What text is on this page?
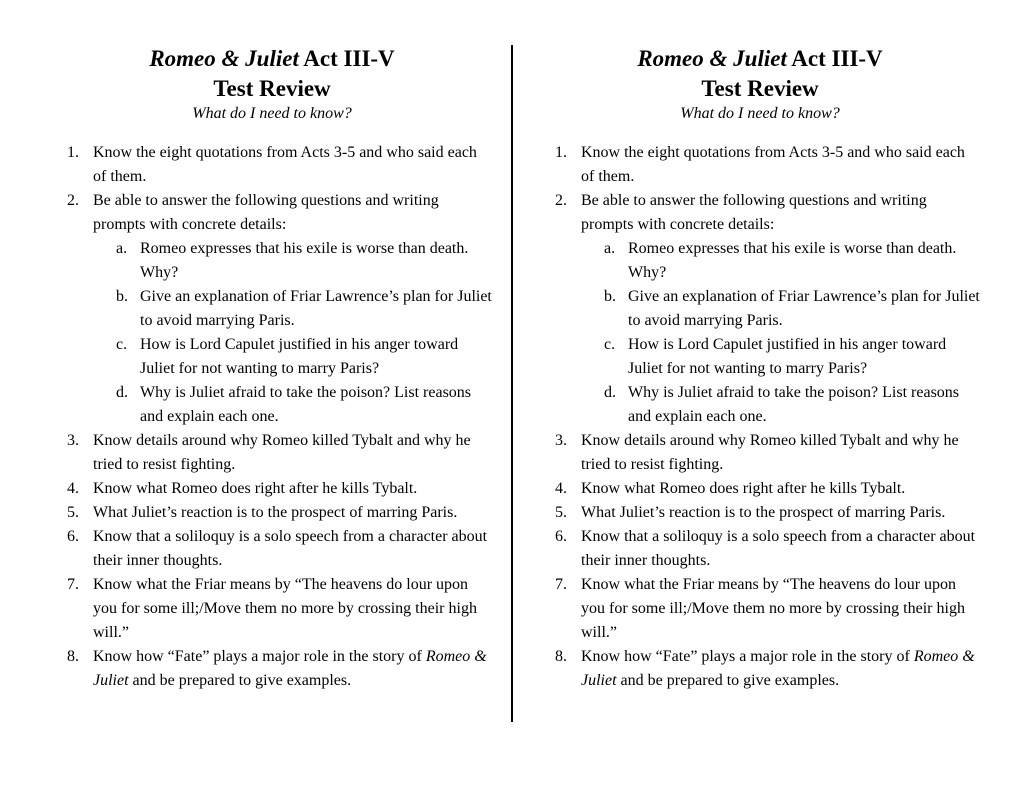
Romeo & Juliet Act III-V
Test Review
What do I need to know?
1. Know the eight quotations from Acts 3-5 and who said each of them.
2. Be able to answer the following questions and writing prompts with concrete details:
a. Romeo expresses that his exile is worse than death. Why?
b. Give an explanation of Friar Lawrence’s plan for Juliet to avoid marrying Paris.
c. How is Lord Capulet justified in his anger toward Juliet for not wanting to marry Paris?
d. Why is Juliet afraid to take the poison? List reasons and explain each one.
3. Know details around why Romeo killed Tybalt and why he tried to resist fighting.
4. Know what Romeo does right after he kills Tybalt.
5. What Juliet’s reaction is to the prospect of marring Paris.
6. Know that a soliloquy is a solo speech from a character about their inner thoughts.
7. Know what the Friar means by “The heavens do lour upon you for some ill;/Move them no more by crossing their high will.”
8. Know how “Fate” plays a major role in the story of Romeo & Juliet and be prepared to give examples.
Romeo & Juliet Act III-V
Test Review
What do I need to know?
1. Know the eight quotations from Acts 3-5 and who said each of them.
2. Be able to answer the following questions and writing prompts with concrete details:
a. Romeo expresses that his exile is worse than death. Why?
b. Give an explanation of Friar Lawrence’s plan for Juliet to avoid marrying Paris.
c. How is Lord Capulet justified in his anger toward Juliet for not wanting to marry Paris?
d. Why is Juliet afraid to take the poison? List reasons and explain each one.
3. Know details around why Romeo killed Tybalt and why he tried to resist fighting.
4. Know what Romeo does right after he kills Tybalt.
5. What Juliet’s reaction is to the prospect of marring Paris.
6. Know that a soliloquy is a solo speech from a character about their inner thoughts.
7. Know what the Friar means by “The heavens do lour upon you for some ill;/Move them no more by crossing their high will.”
8. Know how “Fate” plays a major role in the story of Romeo & Juliet and be prepared to give examples.
